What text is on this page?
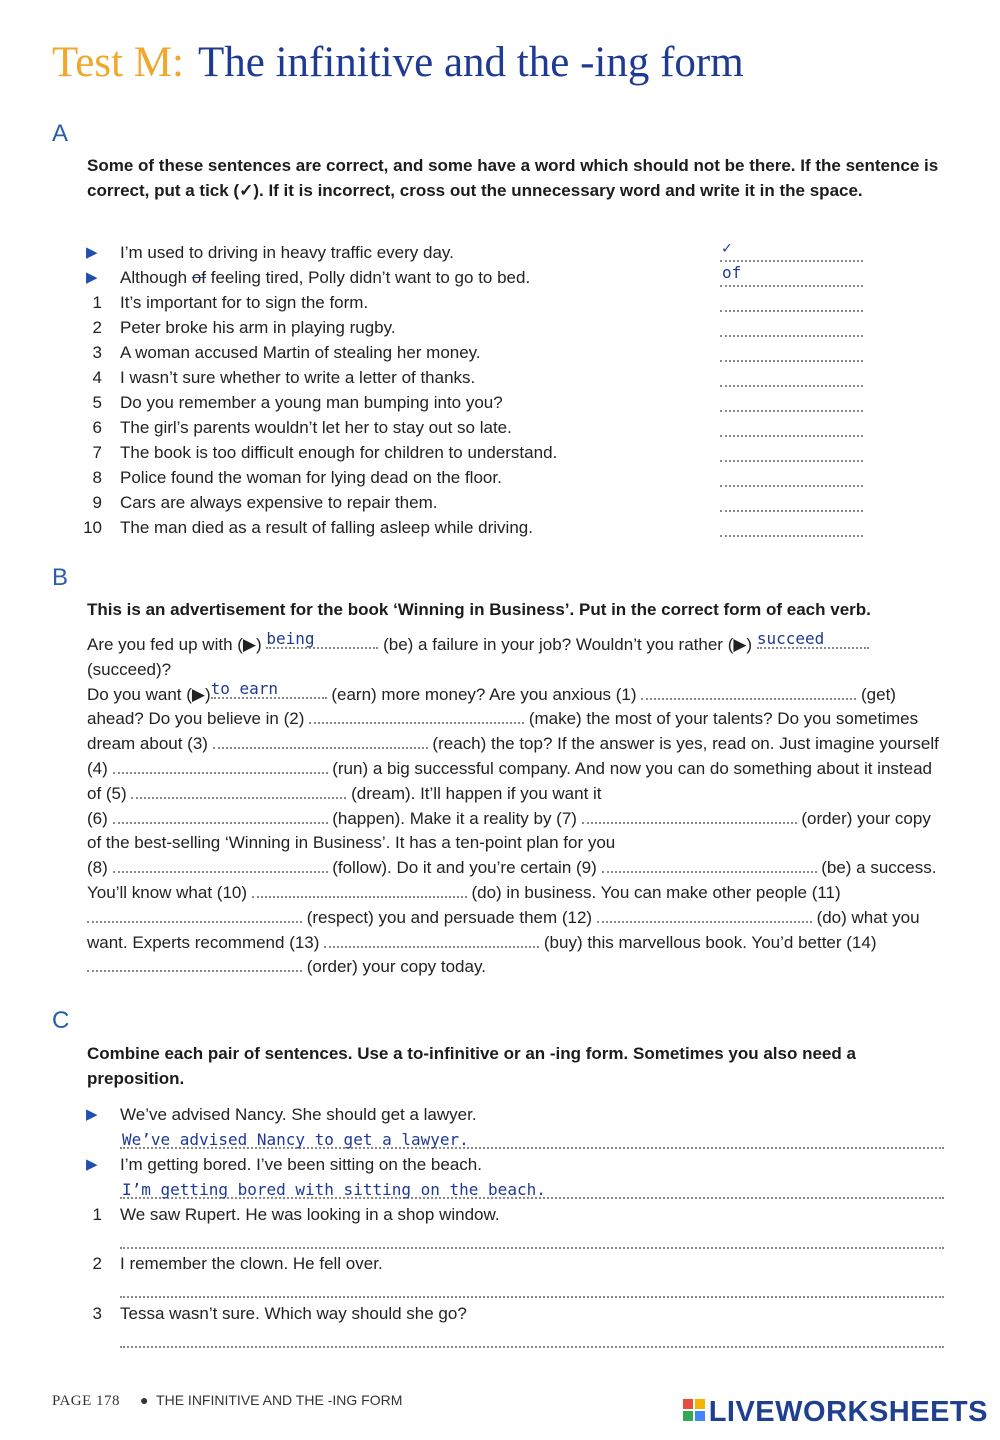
Test M: The infinitive and the -ing form
A
Some of these sentences are correct, and some have a word which should not be there. If the sentence is correct, put a tick (✓). If it is incorrect, cross out the unnecessary word and write it in the space.
▶ I’m used to driving in heavy traffic every day.	✓
▶ Although of feeling tired, Polly didn’t want to go to bed.	of
1 It’s important for to sign the form.
2 Peter broke his arm in playing rugby.
3 A woman accused Martin of stealing her money.
4 I wasn’t sure whether to write a letter of thanks.
5 Do you remember a young man bumping into you?
6 The girl’s parents wouldn’t let her to stay out so late.
7 The book is too difficult enough for children to understand.
8 Police found the woman for lying dead on the floor.
9 Cars are always expensive to repair them.
10 The man died as a result of falling asleep while driving.
B
This is an advertisement for the book ‘Winning in Business’. Put in the correct form of each verb.
Are you fed up with (▶) being	(be) a failure in your job? Wouldn’t you rather (▶) succeed
(succeed)?
Do you want (▶)to earn	(earn) more money? Are you anxious (1)	(get) ahead? Do you believe in (2)	(make) the most of your talents? Do you sometimes dream about (3)	(reach) the top? If the answer is yes, read on. Just imagine yourself (4)	(run) a big successful company. And now you can do something about it instead of (5)	(dream). It’ll happen if you want it
(6)	(happen). Make it a reality by (7)	(order) your copy of the best-selling ‘Winning in Business’. It has a ten-point plan for you
(8)	(follow). Do it and you’re certain (9)	(be) a success. You’ll know what (10)	(do) in business. You can make other people (11)  (respect) you and persuade them (12)	(do) what you want. Experts recommend (13)	(buy) this marvellous book. You’d better (14)  (order) your copy today.
C
Combine each pair of sentences. Use a to-infinitive or an -ing form. Sometimes you also need a preposition.
▶ We’ve advised Nancy. She should get a lawyer.
We’ve advised Nancy to get a lawyer.
▶ I’m getting bored. I’ve been sitting on the beach.
I’m getting bored with sitting on the beach.
1 We saw Rupert. He was looking in a shop window.
2 I remember the clown. He fell over.
3 Tessa wasn’t sure. Which way should she go?
PAGE 178 ● THE INFINITIVE AND THE -ING FORM	LIVEWORKSHEETS
